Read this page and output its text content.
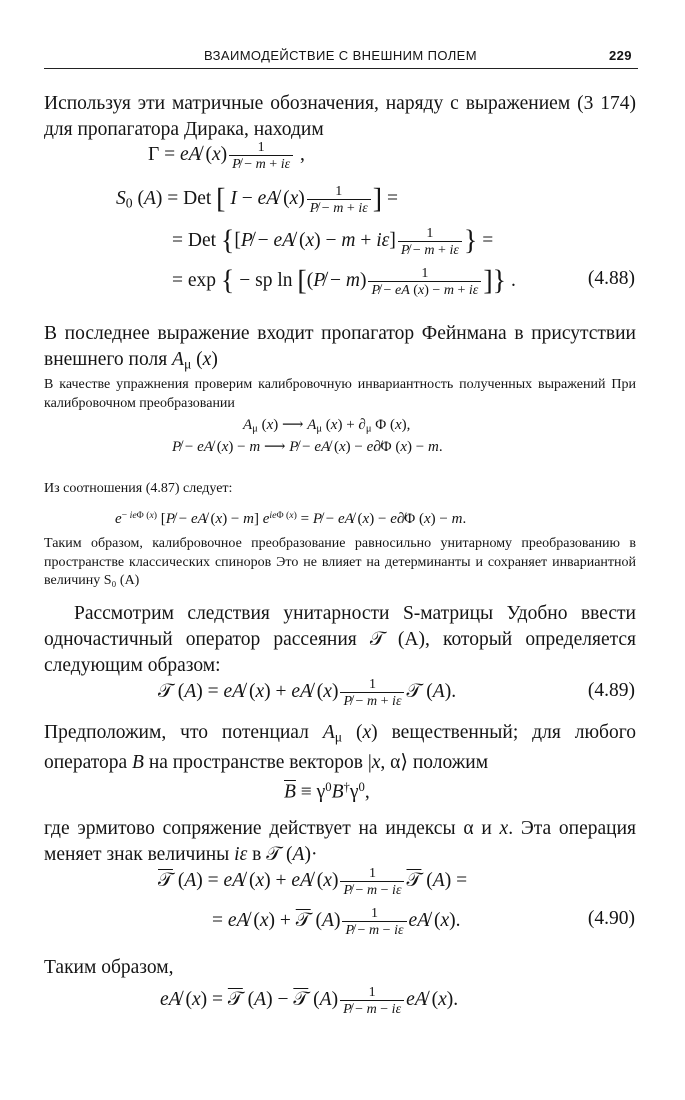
ВЗАИМОДЕЙСТВИЕ С ВНЕШНИМ ПОЛЕМ	229
Используя эти матричные обозначения, наряду с выражением (3 174) для пропагатора Дирака, находим
Γ = eA̸ $(x) \frac{1}{P̸ - m + i\varepsilon}$ ,
$S_0$ (A) = Det [ I − eA̸ $(x) \frac{1}{P̸ - m + i\varepsilon}$ ] =
= Det {[P̸ − eA̸ $(x) - m + i\varepsilon] \frac{1}{P̸ - m + i\varepsilon}$ } =
= exp { − sp ln [(P̸ − $m) \frac{1}{P̸ - eA (x) - m + i\varepsilon}$ ]} .	(4.88)
В последнее выражение входит пропагатор Фейнмана в присутствии внешнего поля $A_\mu$ (x)
В качестве упражнения проверим калибровочную инвариантность полученных выражений При калибровочном преобразовании
$A_\mu$ (x) ⟶ $A_\mu$ $(x) + \partial_\mu$ Φ (x),
P̸ − eA̸ (x) − m ⟶ P̸ − eA̸ (x) − e∂̸Φ (x) − m.
Из соотношения (4.87) следует:
$e^{- ie\Phi (x)}$ [P̸ − eA̸ (x) − m] $e^{ie\Phi (x)}$ = P̸ − eA̸ (x) − e∂̸Φ (x) − m.
Таким образом, калибровочное преобразование равносильно унитарному преобразованию в пространстве классических спиноров Это не влияет на детерминанты и сохраняет инвариантной величину S₀ (A)
Рассмотрим следствия унитарности S-матрицы Удобно ввести одночастичный оператор рассеяния 𝒯 (A), который определяется следующим образом:
𝒯 (A) = eA̸ (x) + eA̸ $(x) \frac{1}{P̸ - m + i\varepsilon}$ 𝒯 (A).	(4.89)
Предположим, что потенциал $A_\mu$ (x) вещественный; для любого оператора B на пространстве векторов |x, α⟩ положим
$\overline{B} \equiv \gamma^0B^\dagger\gamma^0$,
где эрмитово сопряжение действует на индексы α и x. Эта операция меняет знак величины iε в 𝒯 (A)·
𝒯 (A) = eA̸ (x) + eA̸ $(x) \frac{1}{P̸ - m - i\varepsilon}$ 𝒯 (A) =
= eA̸ (x) + 𝒯 $(A) \frac{1}{P̸ - m - i\varepsilon}$ eA̸ (x).	(4.90)
Таким образом,
eA̸ (x) = 𝒯 (A) − 𝒯 $(A) \frac{1}{P̸ - m - i\varepsilon}$ eA̸ (x).
